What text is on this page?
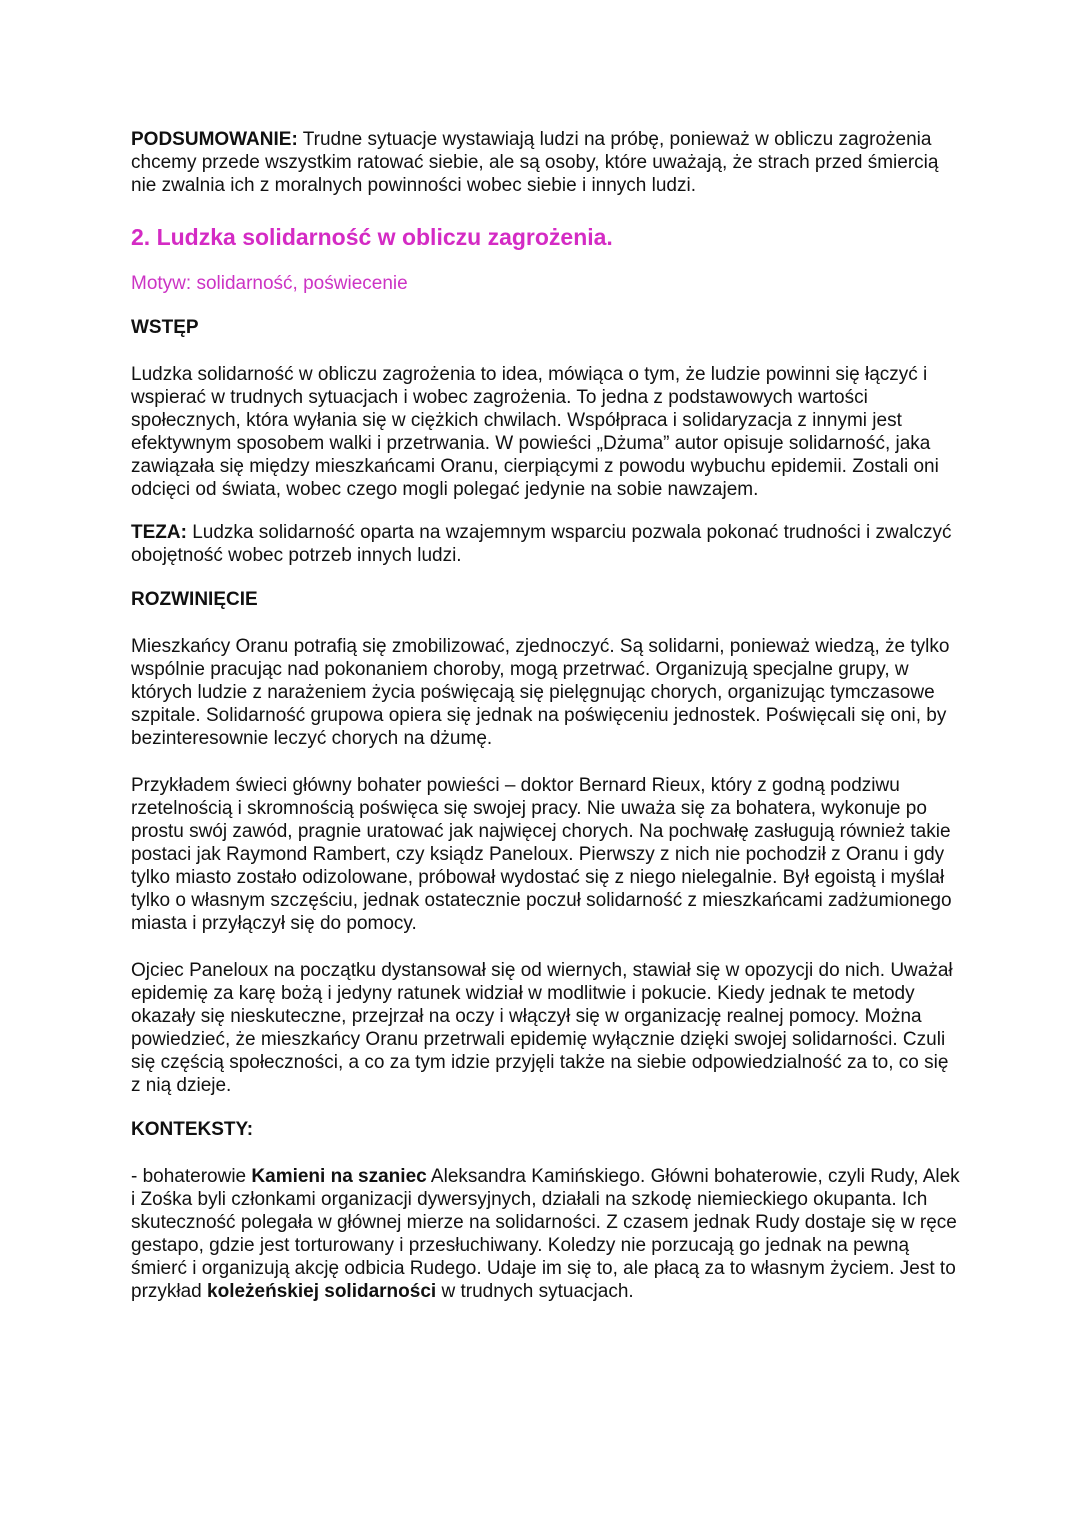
PODSUMOWANIE: Trudne sytuacje wystawiają ludzi na próbę, ponieważ w obliczu zagrożenia chcemy przede wszystkim ratować siebie, ale są osoby, które uważają, że strach przed śmiercią nie zwalnia ich z moralnych powinności wobec siebie i innych ludzi.

2. Ludzka solidarność w obliczu zagrożenia.

Motyw: solidarność, poświecenie

WSTĘP

Ludzka solidarność w obliczu zagrożenia to idea, mówiąca o tym, że ludzie powinni się łączyć i wspierać w trudnych sytuacjach i wobec zagrożenia. To jedna z podstawowych wartości społecznych, która wyłania się w ciężkich chwilach. Współpraca i solidaryzacja z innymi jest efektywnym sposobem walki i przetrwania. W powieści „Dżuma” autor opisuje solidarność, jaka zawiązała się między mieszkańcami Oranu, cierpiącymi z powodu wybuchu epidemii. Zostali oni odcięci od świata, wobec czego mogli polegać jedynie na sobie nawzajem.

TEZA: Ludzka solidarność oparta na wzajemnym wsparciu pozwala pokonać trudności i zwalczyć obojętność wobec potrzeb innych ludzi.

ROZWINIĘCIE

Mieszkańcy Oranu potrafią się zmobilizować, zjednoczyć. Są solidarni, ponieważ wiedzą, że tylko wspólnie pracując nad pokonaniem choroby, mogą przetrwać. Organizują specjalne grupy, w których ludzie z narażeniem życia poświęcają się pielęgnując chorych, organizując tymczasowe szpitale. Solidarność grupowa opiera się jednak na poświęceniu jednostek. Poświęcali się oni, by bezinteresownie leczyć chorych na dżumę.

Przykładem świeci główny bohater powieści – doktor Bernard Rieux, który z godną podziwu rzetelnością i skromnością poświęca się swojej pracy. Nie uważa się za bohatera, wykonuje po prostu swój zawód, pragnie uratować jak najwięcej chorych. Na pochwałę zasługują również takie postaci jak Raymond Rambert, czy ksiądz Paneloux. Pierwszy z nich nie pochodził z Oranu i gdy tylko miasto zostało odizolowane, próbował wydostać się z niego nielegalnie. Był egoistą i myślał tylko o własnym szczęściu, jednak ostatecznie poczuł solidarność z mieszkańcami zadżumionego miasta i przyłączył się do pomocy.

Ojciec Paneloux na początku dystansował się od wiernych, stawiał się w opozycji do nich. Uważał epidemię za karę bożą i jedyny ratunek widział w modlitwie i pokucie. Kiedy jednak te metody okazały się nieskuteczne, przejrzał na oczy i włączył się w organizację realnej pomocy. Można powiedzieć, że mieszkańcy Oranu przetrwali epidemię wyłącznie dzięki swojej solidarności. Czuli się częścią społeczności, a co za tym idzie przyjęli także na siebie odpowiedzialność za to, co się z nią dzieje.

KONTEKSTY:

- bohaterowie Kamieni na szaniec Aleksandra Kamińskiego. Główni bohaterowie, czyli Rudy, Alek i Zośka byli członkami organizacji dywersyjnych, działali na szkodę niemieckiego okupanta. Ich skuteczność polegała w głównej mierze na solidarności. Z czasem jednak Rudy dostaje się w ręce gestapo, gdzie jest torturowany i przesłuchiwany. Koledzy nie porzucają go jednak na pewną śmierć i organizują akcję odbicia Rudego. Udaje im się to, ale płacą za to własnym życiem. Jest to przykład koleżeńskiej solidarności w trudnych sytuacjach.
